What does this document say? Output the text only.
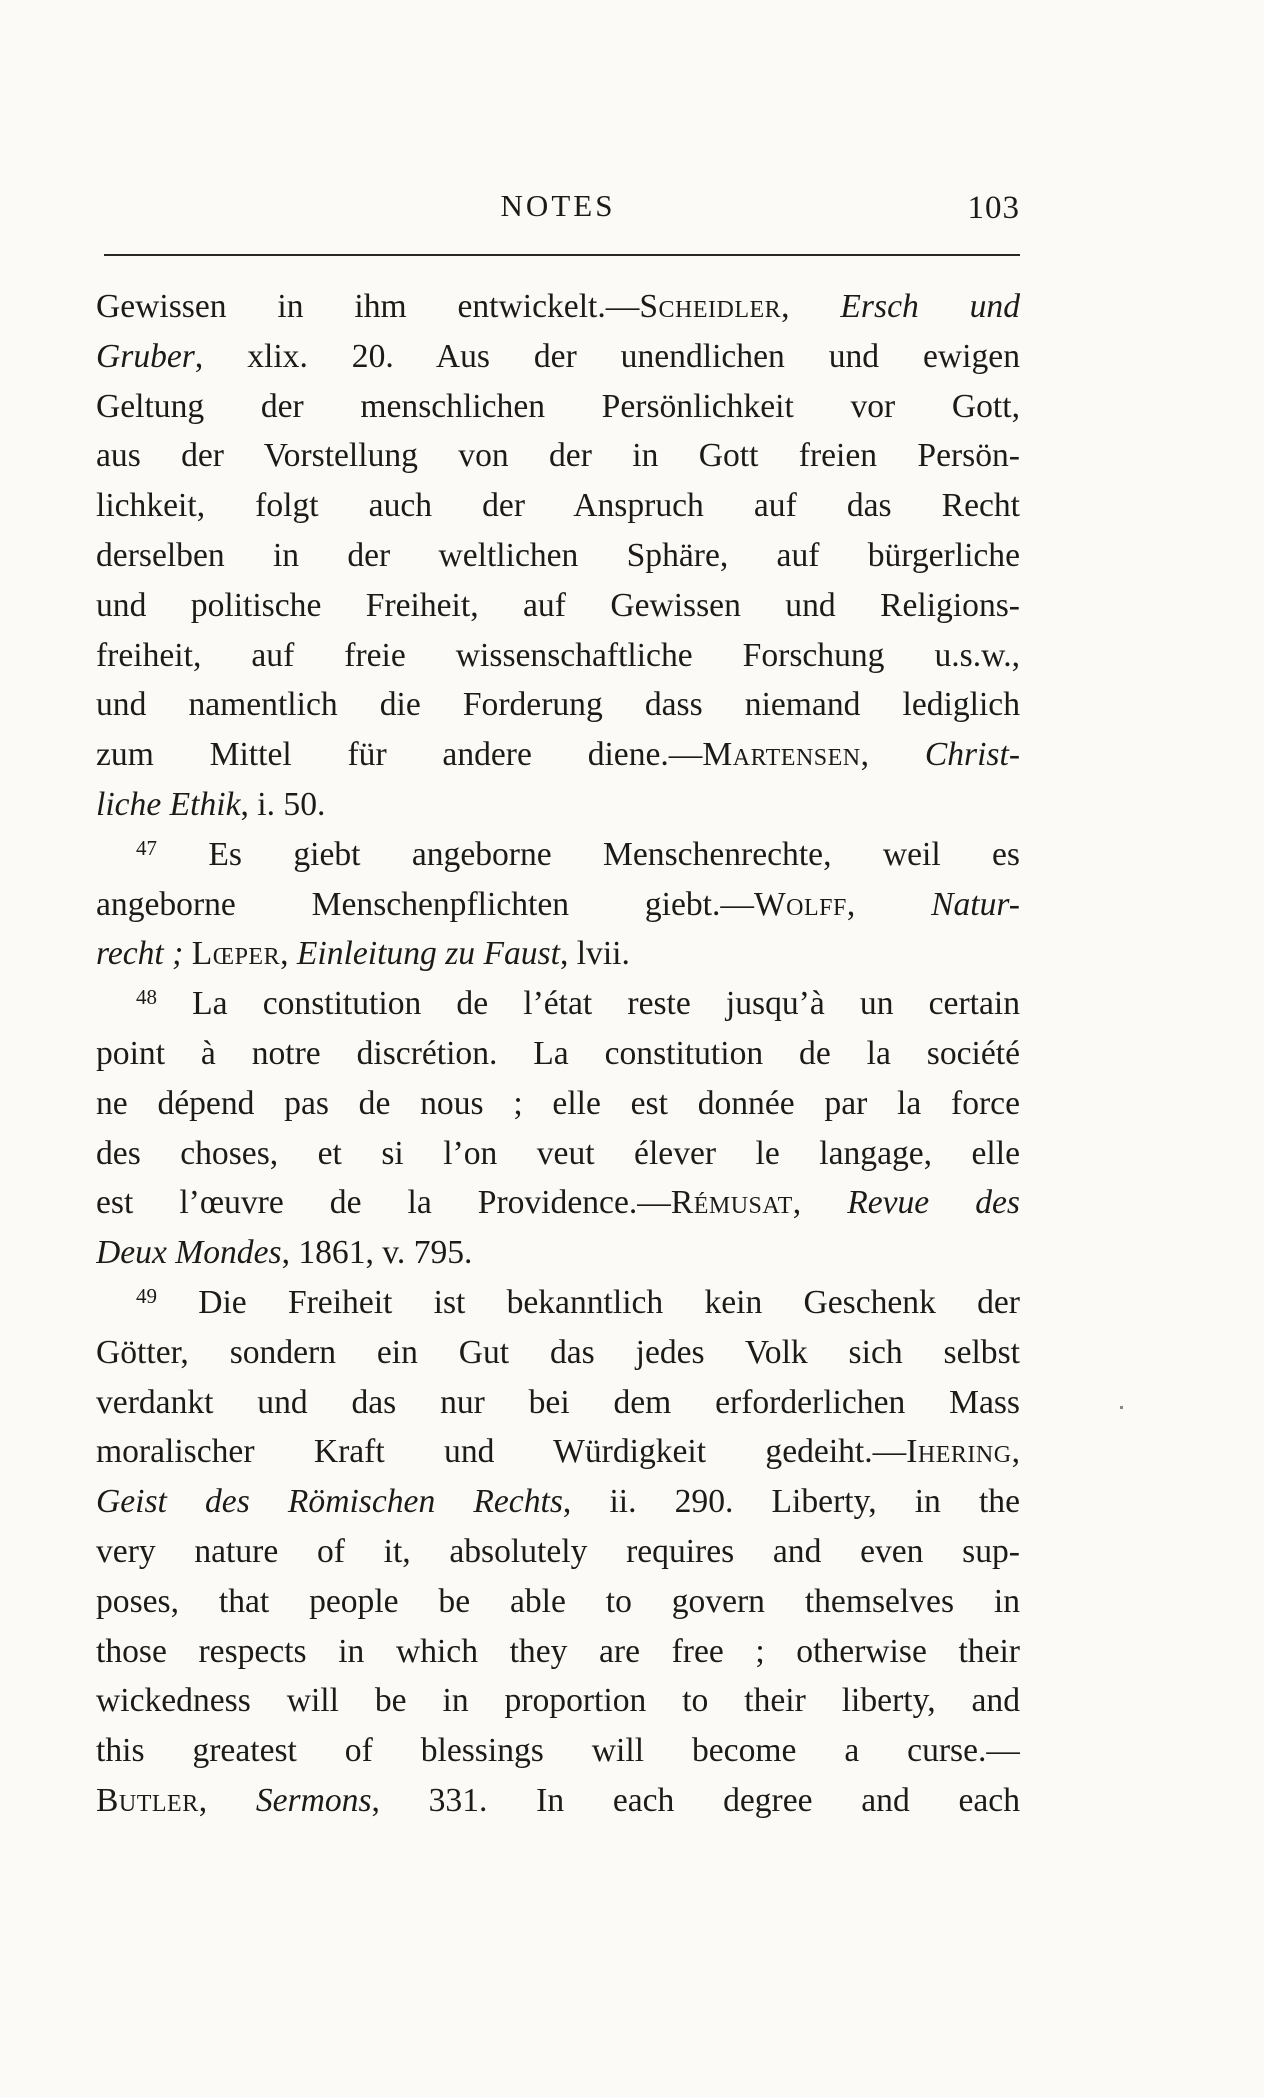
NOTES	103
Gewissen in ihm entwickelt.—Scheidler, Ersch und
Gruber, xlix. 20. Aus der unendlichen und ewigen
Geltung der menschlichen Persönlichkeit vor Gott,
aus der Vorstellung von der in Gott freien Persön-
lichkeit, folgt auch der Anspruch auf das Recht
derselben in der weltlichen Sphäre, auf bürgerliche
und politische Freiheit, auf Gewissen und Religions-
freiheit, auf freie wissenschaftliche Forschung u.s.w.,
und namentlich die Forderung dass niemand lediglich
zum Mittel für andere diene.—Martensen, Christ-
liche Ethik, i. 50.
$^{47}$ Es giebt angeborne Menschenrechte, weil es
angeborne Menschenpflichten giebt.—Wolff, Natur-
recht ; Lœper, Einleitung zu Faust, lvii.
$^{48}$ La constitution de l’état reste jusqu’à un certain
point à notre discrétion. La constitution de la société
ne dépend pas de nous ; elle est donnée par la force
des choses, et si l’on veut élever le langage, elle
est l’œuvre de la Providence.—Rémusat, Revue des
Deux Mondes, 1861, v. 795.
$^{49}$ Die Freiheit ist bekanntlich kein Geschenk der
Götter, sondern ein Gut das jedes Volk sich selbst
verdankt und das nur bei dem erforderlichen Mass
moralischer Kraft und Würdigkeit gedeiht.—Ihering,
Geist des Römischen Rechts, ii. 290. Liberty, in the
very nature of it, absolutely requires and even sup-
poses, that people be able to govern themselves in
those respects in which they are free ; otherwise their
wickedness will be in proportion to their liberty, and
this greatest of blessings will become a curse.—
Butler, Sermons, 331. In each degree and each
